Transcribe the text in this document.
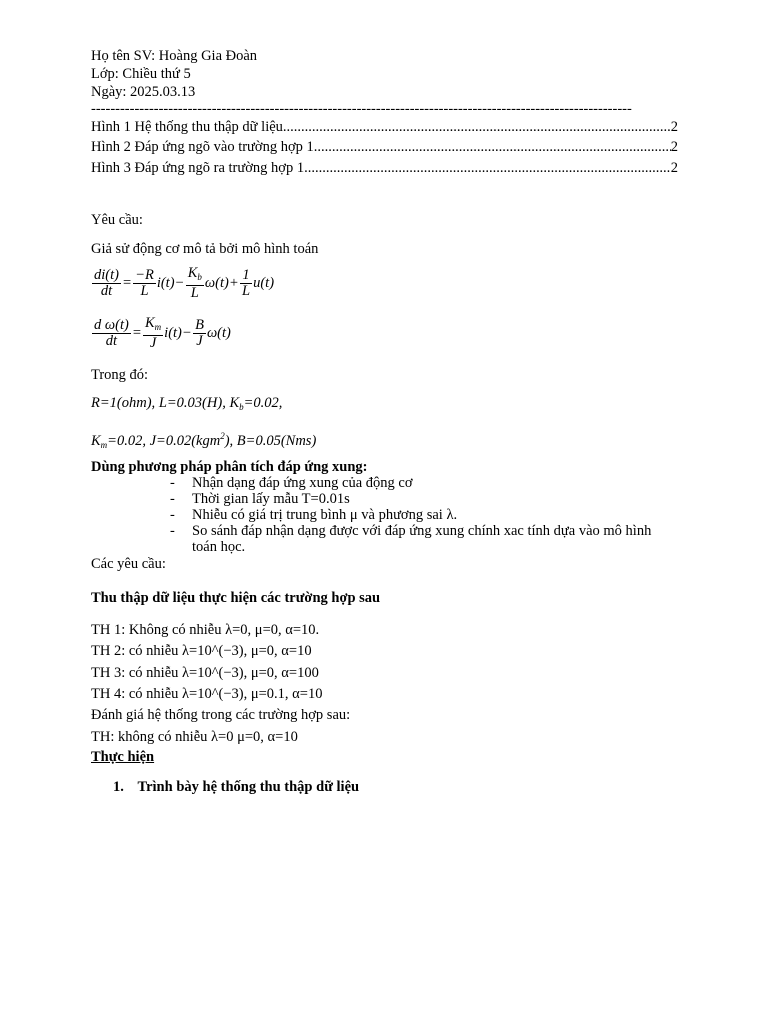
Họ tên SV: Hoàng Gia Đoàn
Lớp: Chiều thứ 5
Ngày: 2025.03.13
----------------------------------------------------------------------------------------------------------------
Hình 1 Hệ thống thu thập dữ liệu .....	2
Hình 2 Đáp ứng ngõ vào trường hợp 1 .....	2
Hình 3 Đáp ứng ngõ ra trường hợp 1 .....	2
Yêu cầu:
Giả sử động cơ mô tả bởi mô hình toán
$\frac{di(t)}{dt} = \frac{-R}{L} i(t) - \frac{K_b}{L} \omega(t) + \frac{1}{L} u(t)$
$\frac{\text{d ω(t)}}{dt} = \frac{K_m}{J} i(t) - \frac{B}{J} \omega(t)$
Trong đó:
R=1(ohm), L=0.03(H), $K_b=0.02$,
$K_m=0.02$, J=0.02(kgm$^2$), B=0.05(Nms)
Dùng phương pháp phân tích đáp ứng xung:
- Nhận dạng đáp ứng xung của động cơ
- Thời gian lấy mẫu T=0.01s
- Nhiễu có giá trị trung bình μ và phương sai λ.
- So sánh đáp nhận dạng được với đáp ứng xung chính xac tính dựa vào mô hình toán học.
Các yêu cầu:
Thu thập dữ liệu thực hiện các trường hợp sau
TH 1: Không có nhiễu λ=0, μ=0, α=10.
TH 2: có nhiễu λ=10^(−3), μ=0, α=10
TH 3: có nhiễu λ=10^(−3), μ=0, α=100
TH 4: có nhiễu λ=10^(−3), μ=0.1, α=10
Đánh giá hệ thống trong các trường hợp sau:
TH: không có nhiễu λ=0 μ=0, α=10
Thực hiện
1. Trình bày hệ thống thu thập dữ liệu
